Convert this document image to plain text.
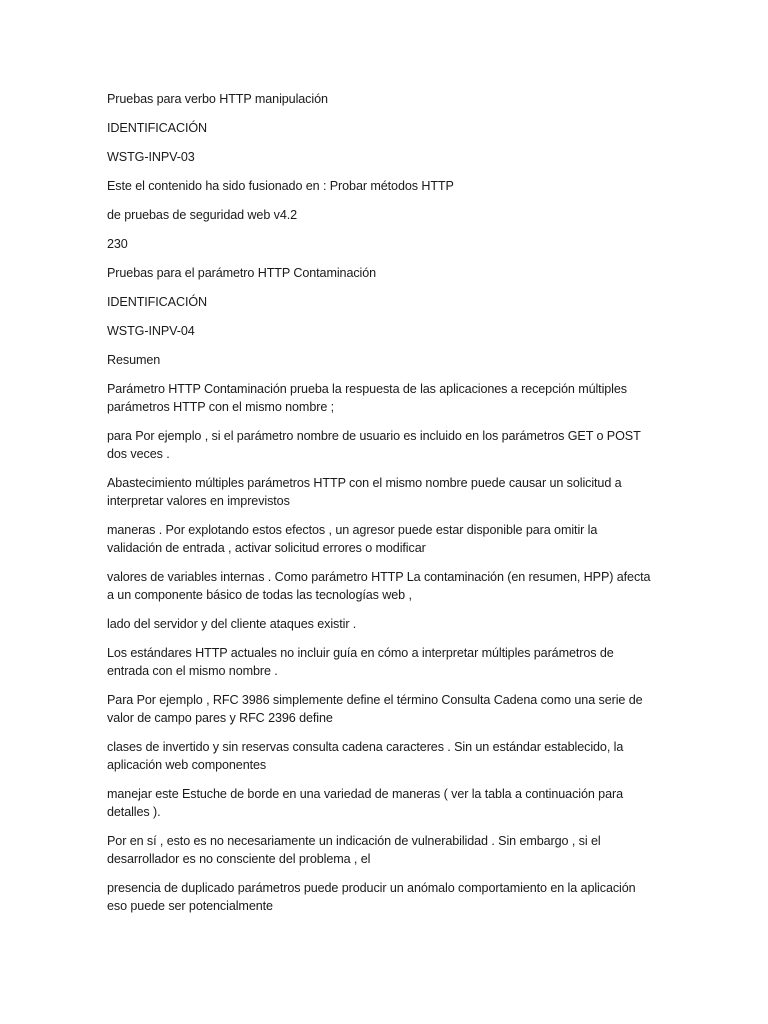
Pruebas para verbo HTTP manipulación

IDENTIFICACIÓN

WSTG-INPV-03

Este el contenido ha sido fusionado en : Probar métodos HTTP

de pruebas de seguridad web v4.2

230

Pruebas para el parámetro HTTP Contaminación

IDENTIFICACIÓN

WSTG-INPV-04

Resumen

Parámetro HTTP Contaminación prueba la respuesta de las aplicaciones a recepción múltiples
parámetros HTTP con el mismo nombre ;

para Por ejemplo , si el parámetro nombre de usuario es incluido en los parámetros GET o POST
dos veces .

Abastecimiento múltiples parámetros HTTP con el mismo nombre puede causar un solicitud a
interpretar valores en imprevistos

maneras . Por explotando estos efectos , un agresor puede estar disponible para omitir la
validación de entrada , activar solicitud errores o modificar

valores de variables internas . Como parámetro HTTP La contaminación (en resumen, HPP) afecta
a un componente básico de todas las tecnologías web ,

lado del servidor y del cliente ataques existir .

Los estándares HTTP actuales no incluir guía en cómo a interpretar múltiples parámetros de
entrada con el mismo nombre .

Para Por ejemplo , RFC 3986 simplemente define el término Consulta Cadena como una serie de
valor de campo pares y RFC 2396 define

clases de invertido y sin reservas consulta cadena caracteres . Sin un estándar establecido, la
aplicación web componentes

manejar este Estuche de borde en una variedad de maneras ( ver la tabla a continuación para
detalles ).

Por en sí , esto es no necesariamente un indicación de vulnerabilidad . Sin embargo , si el
desarrollador es no consciente del problema , el

presencia de duplicado parámetros puede producir un anómalo comportamiento en la aplicación
eso puede ser potencialmente
